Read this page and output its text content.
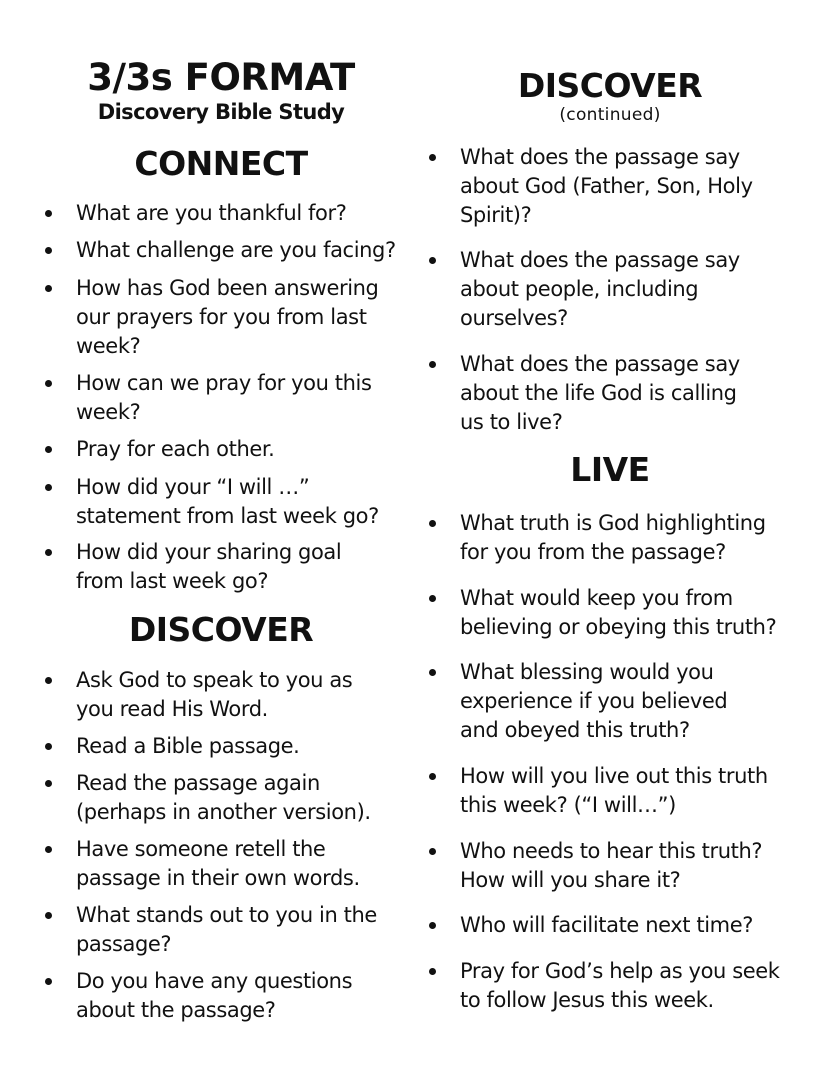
3/3s FORMAT
Discovery Bible Study
CONNECT
What are you thankful for?
What challenge are you facing?
How has God been answering
our prayers for you from last
week?
How can we pray for you this
week?
Pray for each other.
How did your “I will …”
statement from last week go?
How did your sharing goal
from last week go?
DISCOVER
Ask God to speak to you as
you read His Word.
Read a Bible passage.
Read the passage again
(perhaps in another version).
Have someone retell the
passage in their own words.
What stands out to you in the
passage?
Do you have any questions
about the passage?
DISCOVER
(continued)
What does the passage say
about God (Father, Son, Holy
Spirit)?
What does the passage say
about people, including
ourselves?
What does the passage say
about the life God is calling
us to live?
LIVE
What truth is God highlighting
for you from the passage?
What would keep you from
believing or obeying this truth?
What blessing would you
experience if you believed
and obeyed this truth?
How will you live out this truth
this week? (“I will…”)
Who needs to hear this truth?
How will you share it?
Who will facilitate next time?
Pray for God’s help as you seek
to follow Jesus this week.
